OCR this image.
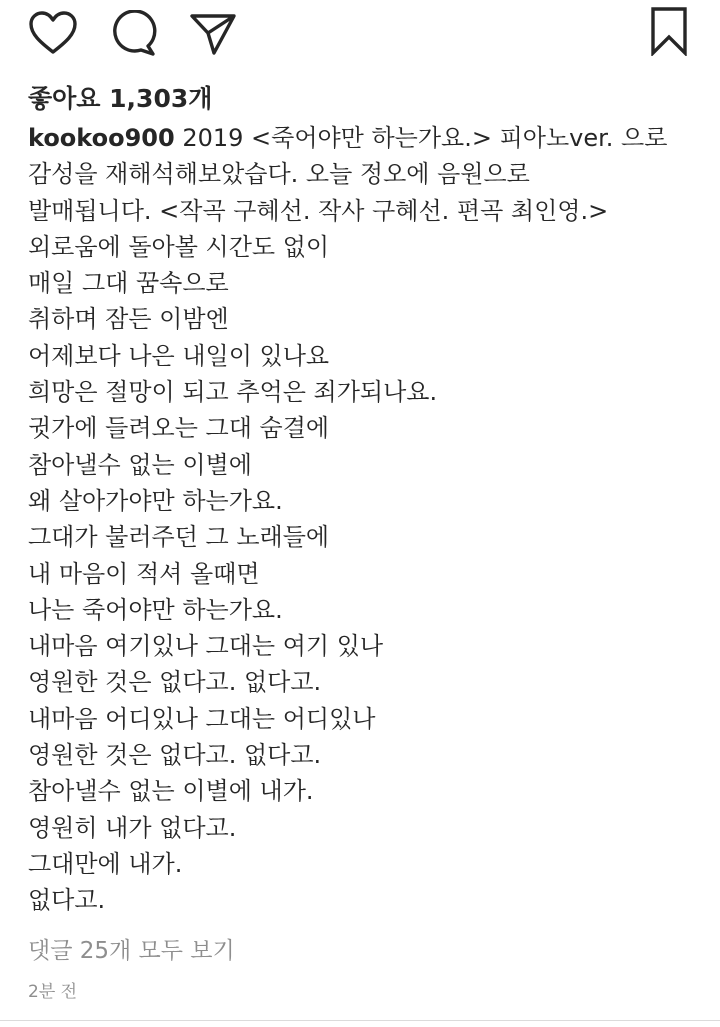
좋아요 1,303개
kookoo900 2019 <죽어야만 하는가요.> 피아노ver. 으로
감성을 재해석해보았습다. 오늘 정오에 음원으로
발매됩니다. <작곡 구혜선. 작사 구혜선. 편곡 최인영.>
외로움에 돌아볼 시간도 없이
매일 그대 꿈속으로
취하며 잠든 이밤엔
어제보다 나은 내일이 있나요
희망은 절망이 되고 추억은 죄가되나요.
귓가에 들려오는 그대 숨결에
참아낼수 없는 이별에
왜 살아가야만 하는가요.
그대가 불러주던 그 노래들에
내 마음이 적셔 올때면
나는 죽어야만 하는가요.
내마음 여기있나 그대는 여기 있나
영원한 것은 없다고. 없다고.
내마음 어디있나 그대는 어디있나
영원한 것은 없다고. 없다고.
참아낼수 없는 이별에 내가.
영원히 내가 없다고.
그대만에 내가.
없다고.
댓글 25개 모두 보기
2분 전
